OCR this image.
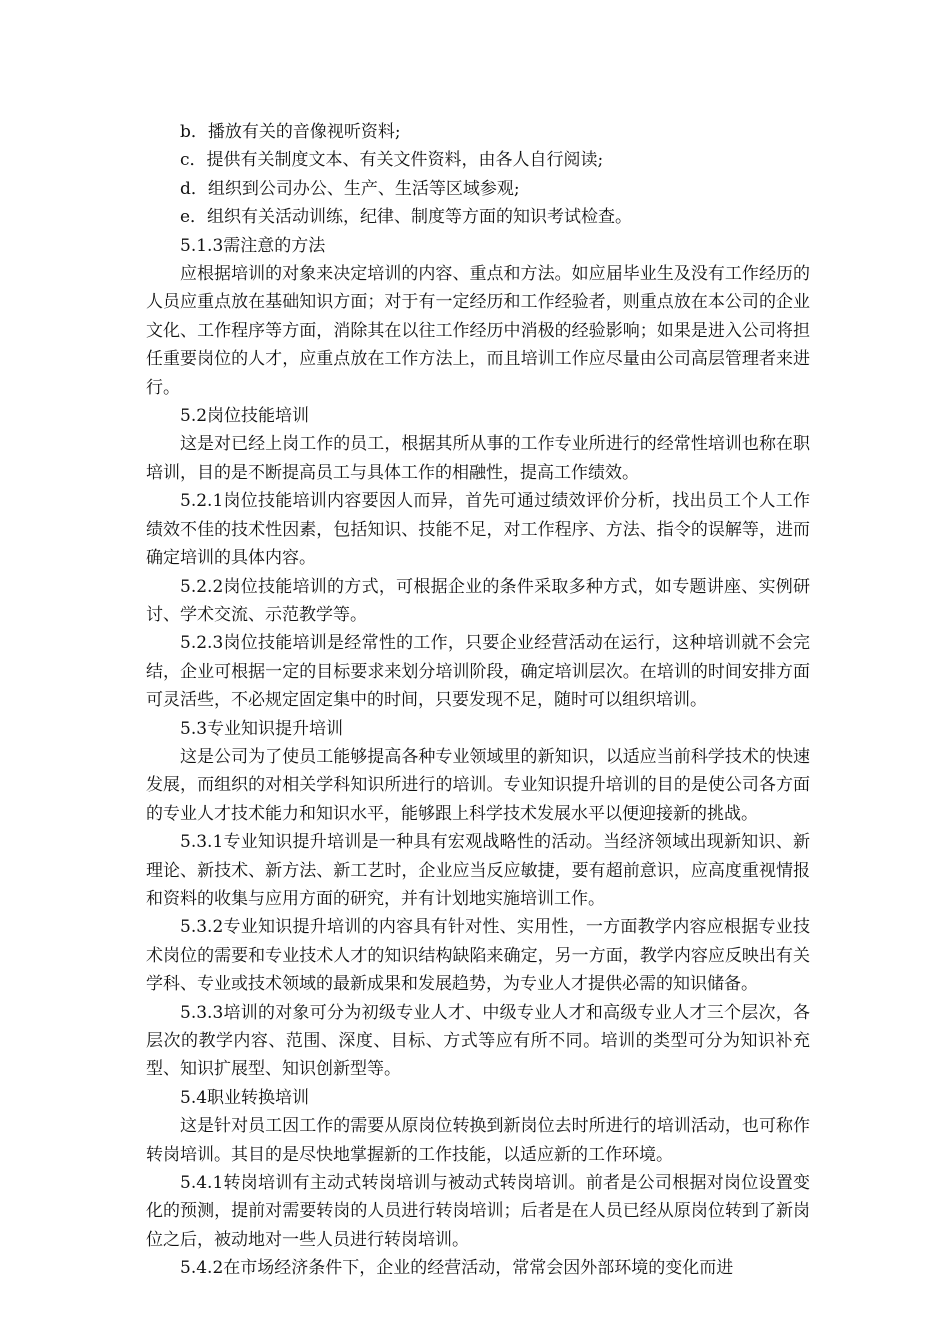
b．播放有关的音像视听资料;

c．提供有关制度文本、有关文件资料，由各人自行阅读;

d．组织到公司办公、生产、生活等区域参观;

e．组织有关活动训练，纪律、制度等方面的知识考试检查。

5.1.3需注意的方法

应根据培训的对象来决定培训的内容、重点和方法。如应届毕业生及没有工作经历的人员应重点放在基础知识方面；对于有一定经历和工作经验者，则重点放在本公司的企业文化、工作程序等方面，消除其在以往工作经历中消极的经验影响；如果是进入公司将担任重要岗位的人才，应重点放在工作方法上，而且培训工作应尽量由公司高层管理者来进行。

5.2岗位技能培训

这是对已经上岗工作的员工，根据其所从事的工作专业所进行的经常性培训也称在职培训，目的是不断提高员工与具体工作的相融性，提高工作绩效。

5.2.1岗位技能培训内容要因人而异，首先可通过绩效评价分析，找出员工个人工作绩效不佳的技术性因素，包括知识、技能不足，对工作程序、方法、指令的误解等，进而确定培训的具体内容。

5.2.2岗位技能培训的方式，可根据企业的条件采取多种方式，如专题讲座、实例研讨、学术交流、示范教学等。

5.2.3岗位技能培训是经常性的工作，只要企业经营活动在运行，这种培训就不会完结，企业可根据一定的目标要求来划分培训阶段，确定培训层次。在培训的时间安排方面可灵活些，不必规定固定集中的时间，只要发现不足，随时可以组织培训。

5.3专业知识提升培训

这是公司为了使员工能够提高各种专业领域里的新知识，以适应当前科学技术的快速发展，而组织的对相关学科知识所进行的培训。专业知识提升培训的目的是使公司各方面的专业人才技术能力和知识水平，能够跟上科学技术发展水平以便迎接新的挑战。

5.3.1专业知识提升培训是一种具有宏观战略性的活动。当经济领域出现新知识、新理论、新技术、新方法、新工艺时，企业应当反应敏捷，要有超前意识，应高度重视情报和资料的收集与应用方面的研究，并有计划地实施培训工作。

5.3.2专业知识提升培训的内容具有针对性、实用性，一方面教学内容应根据专业技术岗位的需要和专业技术人才的知识结构缺陷来确定，另一方面，教学内容应反映出有关学科、专业或技术领域的最新成果和发展趋势，为专业人才提供必需的知识储备。

5.3.3培训的对象可分为初级专业人才、中级专业人才和高级专业人才三个层次，各层次的教学内容、范围、深度、目标、方式等应有所不同。培训的类型可分为知识补充型、知识扩展型、知识创新型等。

5.4职业转换培训

这是针对员工因工作的需要从原岗位转换到新岗位去时所进行的培训活动，也可称作转岗培训。其目的是尽快地掌握新的工作技能，以适应新的工作环境。

5.4.1转岗培训有主动式转岗培训与被动式转岗培训。前者是公司根据对岗位设置变化的预测，提前对需要转岗的人员进行转岗培训；后者是在人员已经从原岗位转到了新岗位之后，被动地对一些人员进行转岗培训。

5.4.2在市场经济条件下，企业的经营活动，常常会因外部环境的变化而进
